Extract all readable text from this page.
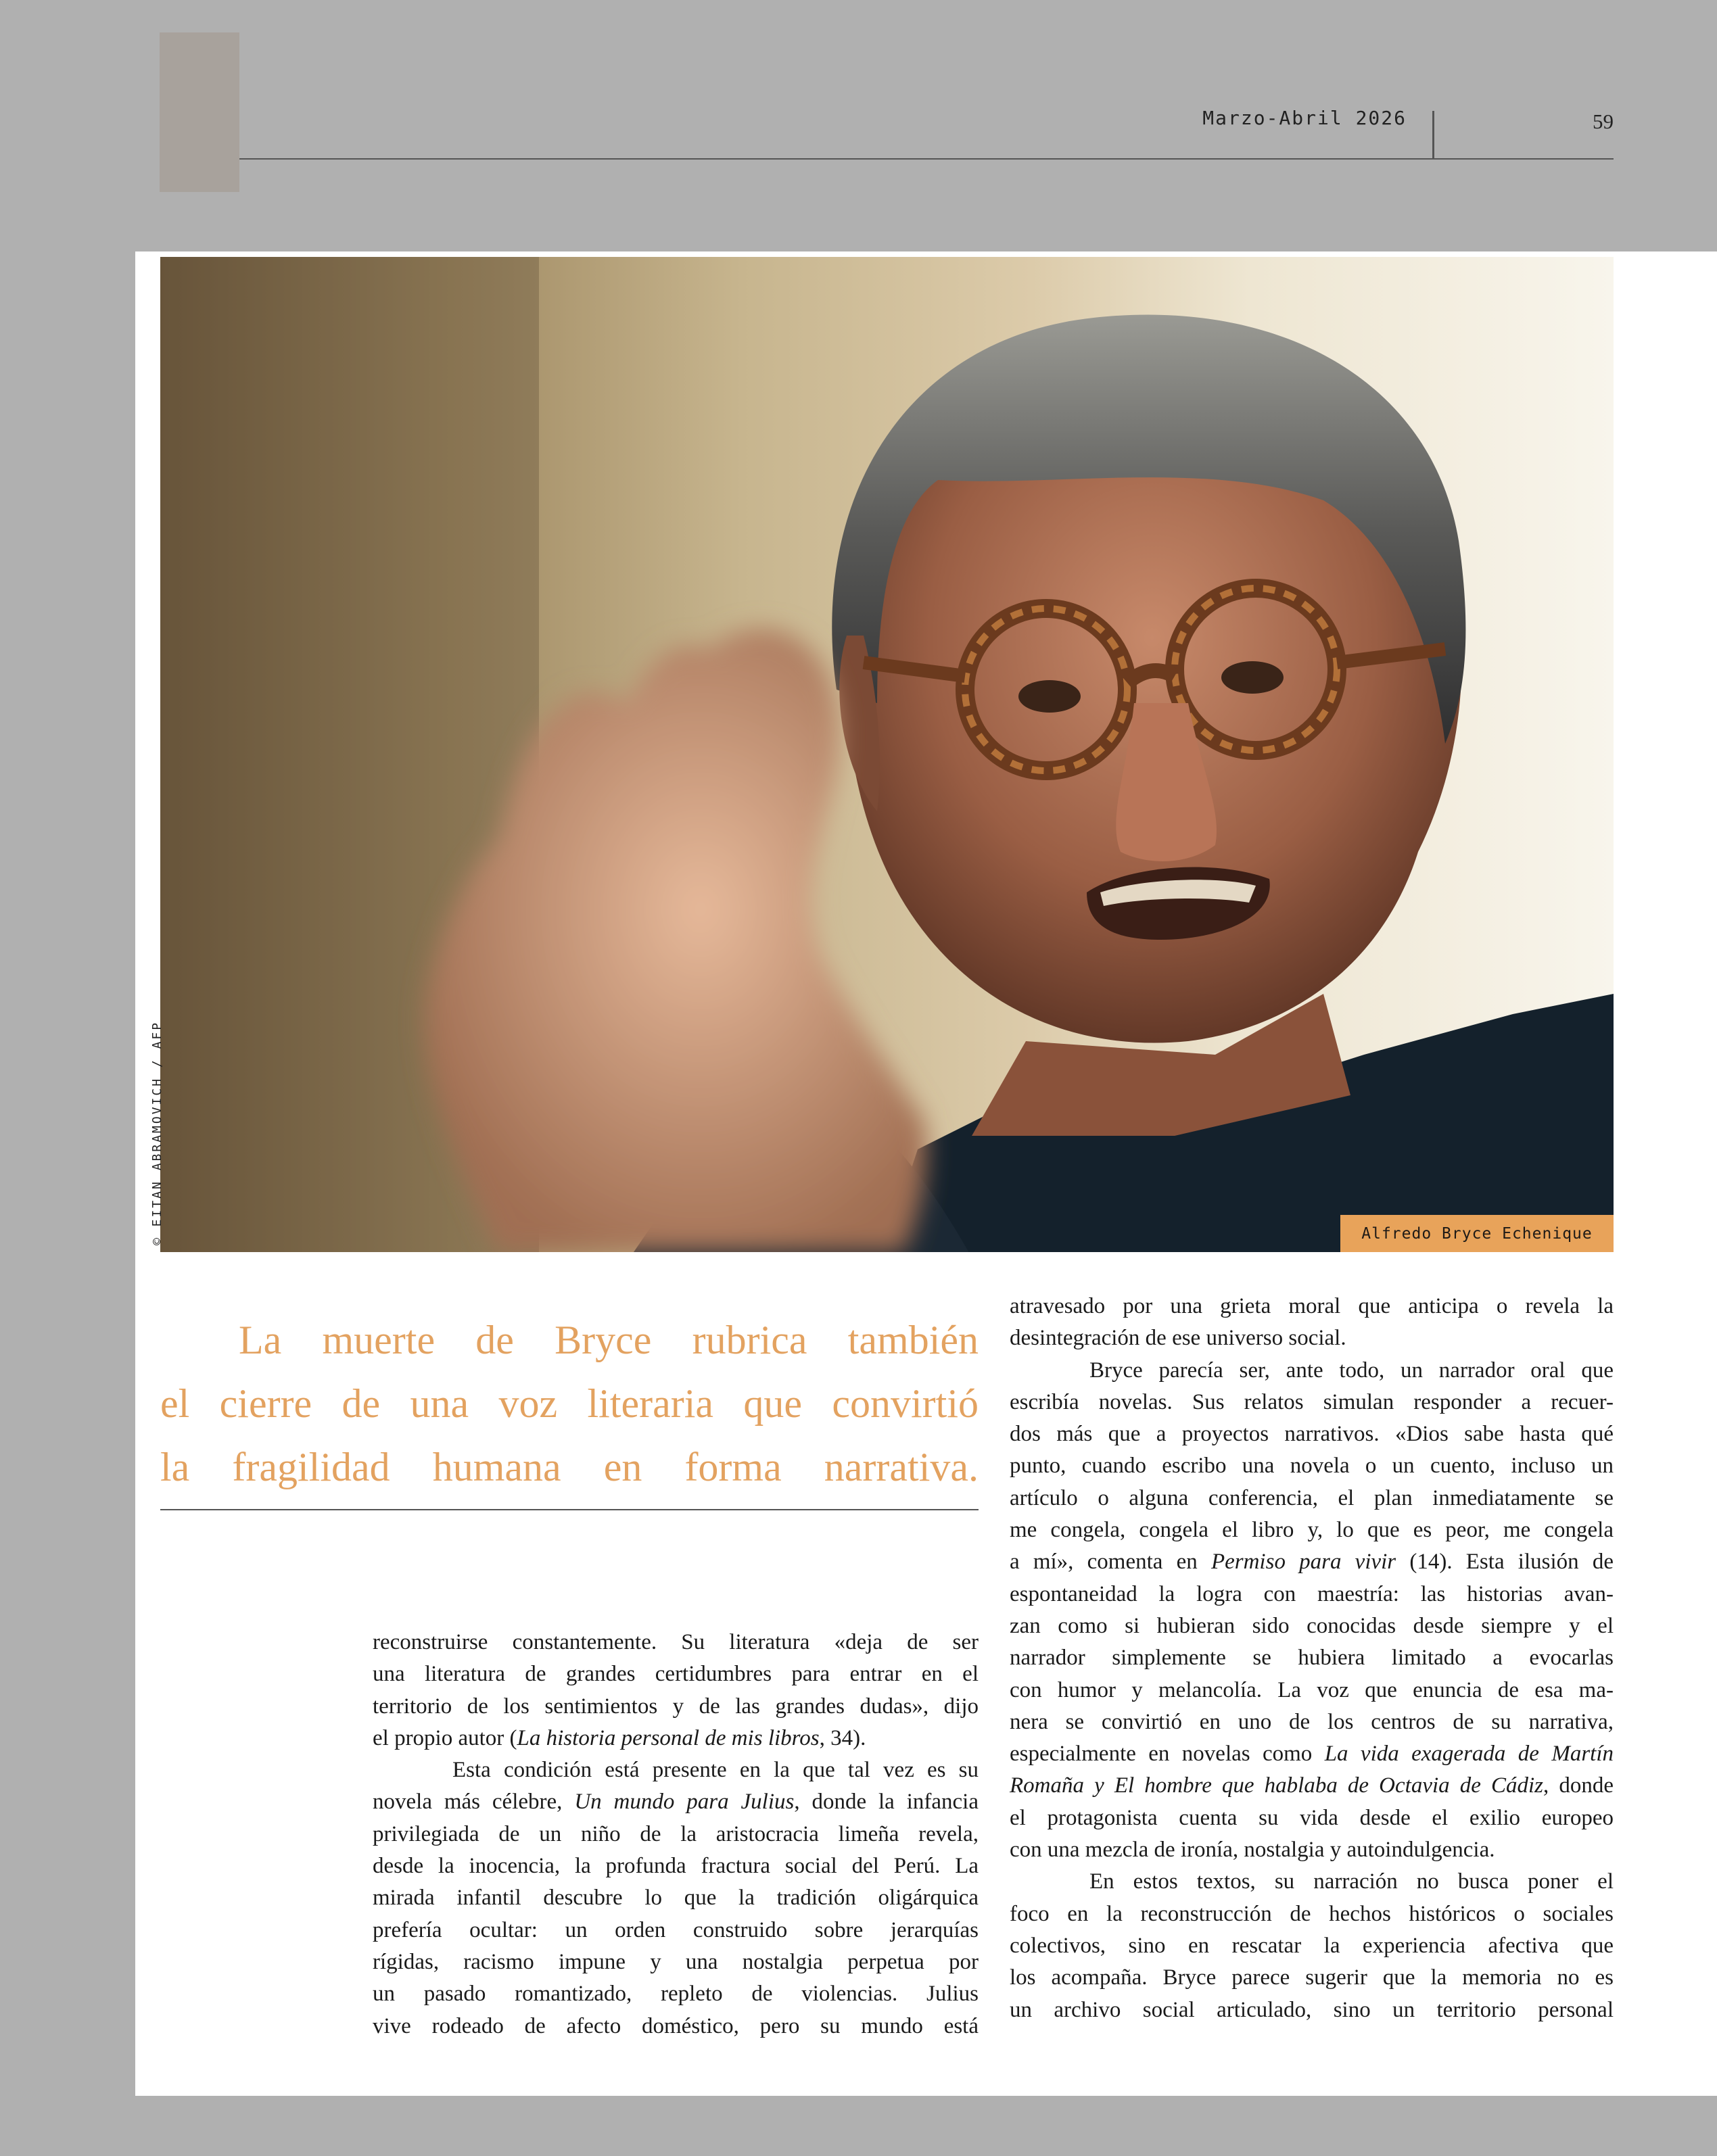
Marzo-Abril 2026	59
© EITAN ABRAMOVICH / AFP	Alfredo Bryce Echenique

La muerte de Bryce rubrica también
el cierre de una voz literaria que convirtió
la fragilidad humana en forma narrativa.

reconstruirse constantemente. Su literatura «deja de ser
una literatura de grandes certidumbres para entrar en el
territorio de los sentimientos y de las grandes dudas», dijo
el propio autor (La historia personal de mis libros, 34).
Esta condición está presente en la que tal vez es su
novela más célebre, Un mundo para Julius, donde la infancia
privilegiada de un niño de la aristocracia limeña revela,
desde la inocencia, la profunda fractura social del Perú. La
mirada infantil descubre lo que la tradición oligárquica
prefería ocultar: un orden construido sobre jerarquías
rígidas, racismo impune y una nostalgia perpetua por
un pasado romantizado, repleto de violencias. Julius
vive rodeado de afecto doméstico, pero su mundo está
atravesado por una grieta moral que anticipa o revela la
desintegración de ese universo social.
Bryce parecía ser, ante todo, un narrador oral que
escribía novelas. Sus relatos simulan responder a recuer-
dos más que a proyectos narrativos. «Dios sabe hasta qué
punto, cuando escribo una novela o un cuento, incluso un
artículo o alguna conferencia, el plan inmediatamente se
me congela, congela el libro y, lo que es peor, me congela
a mí», comenta en Permiso para vivir (14). Esta ilusión de
espontaneidad la logra con maestría: las historias avan-
zan como si hubieran sido conocidas desde siempre y el
narrador simplemente se hubiera limitado a evocarlas
con humor y melancolía. La voz que enuncia de esa ma-
nera se convirtió en uno de los centros de su narrativa,
especialmente en novelas como La vida exagerada de Martín
Romaña y El hombre que hablaba de Octavia de Cádiz, donde
el protagonista cuenta su vida desde el exilio europeo
con una mezcla de ironía, nostalgia y autoindulgencia.
En estos textos, su narración no busca poner el
foco en la reconstrucción de hechos históricos o sociales
colectivos, sino en rescatar la experiencia afectiva que
los acompaña. Bryce parece sugerir que la memoria no es
un archivo social articulado, sino un territorio personal
